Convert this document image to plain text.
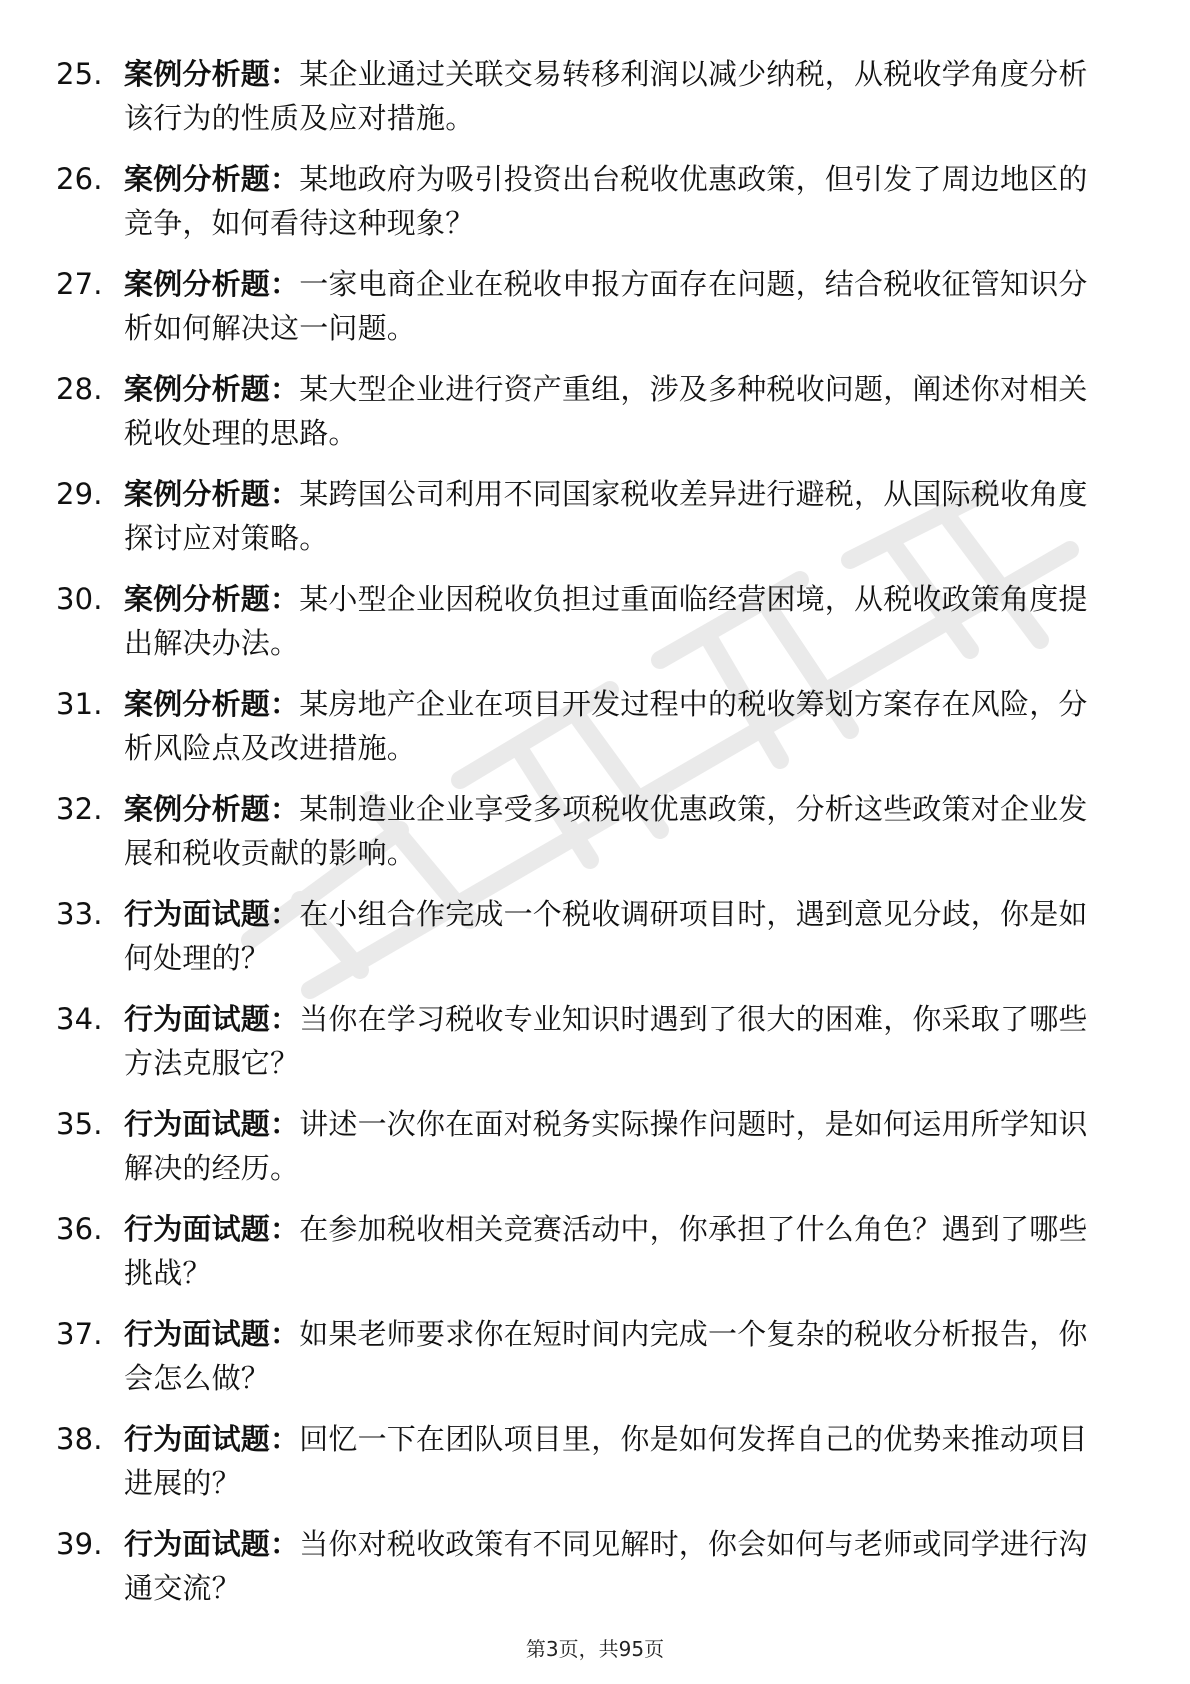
25. 案例分析题：某企业通过关联交易转移利润以减少纳税，从税收学角度分析该行为的性质及应对措施。
26. 案例分析题：某地政府为吸引投资出台税收优惠政策，但引发了周边地区的竞争，如何看待这种现象？
27. 案例分析题：一家电商企业在税收申报方面存在问题，结合税收征管知识分析如何解决这一问题。
28. 案例分析题：某大型企业进行资产重组，涉及多种税收问题，阐述你对相关税收处理的思路。
29. 案例分析题：某跨国公司利用不同国家税收差异进行避税，从国际税收角度探讨应对策略。
30. 案例分析题：某小型企业因税收负担过重面临经营困境，从税收政策角度提出解决办法。
31. 案例分析题：某房地产企业在项目开发过程中的税收筹划方案存在风险，分析风险点及改进措施。
32. 案例分析题：某制造业企业享受多项税收优惠政策，分析这些政策对企业发展和税收贡献的影响。
33. 行为面试题：在小组合作完成一个税收调研项目时，遇到意见分歧，你是如何处理的？
34. 行为面试题：当你在学习税收专业知识时遇到了很大的困难，你采取了哪些方法克服它？
35. 行为面试题：讲述一次你在面对税务实际操作问题时，是如何运用所学知识解决的经历。
36. 行为面试题：在参加税收相关竞赛活动中，你承担了什么角色？遇到了哪些挑战？
37. 行为面试题：如果老师要求你在短时间内完成一个复杂的税收分析报告，你会怎么做？
38. 行为面试题：回忆一下在团队项目里，你是如何发挥自己的优势来推动项目进展的？
39. 行为面试题：当你对税收政策有不同见解时，你会如何与老师或同学进行沟通交流？
第3页，共95页
